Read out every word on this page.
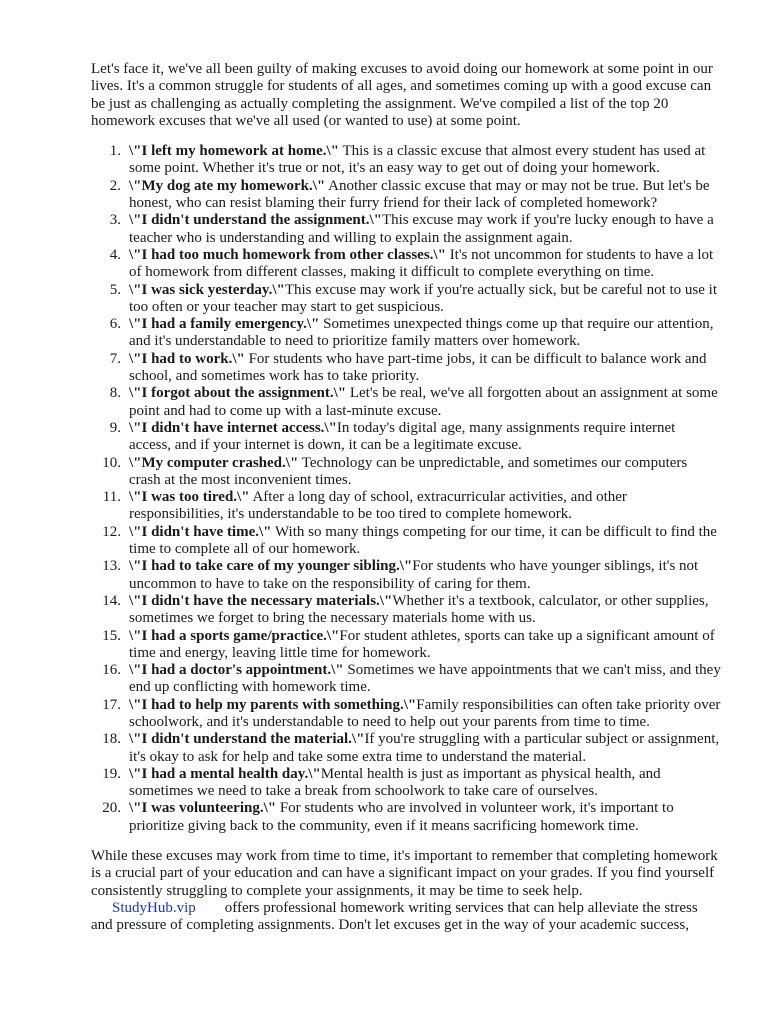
Let's face it, we've all been guilty of making excuses to avoid doing our homework at some point in our lives. It's a common struggle for students of all ages, and sometimes coming up with a good excuse can be just as challenging as actually completing the assignment. We've compiled a list of the top 20 homework excuses that we've all used (or wanted to use) at some point.

1. \"I left my homework at home.\" This is a classic excuse that almost every student has used at some point. Whether it's true or not, it's an easy way to get out of doing your homework.
2. \"My dog ate my homework.\" Another classic excuse that may or may not be true. But let's be honest, who can resist blaming their furry friend for their lack of completed homework?
3. \"I didn't understand the assignment.\"This excuse may work if you're lucky enough to have a teacher who is understanding and willing to explain the assignment again.
4. \"I had too much homework from other classes.\" It's not uncommon for students to have a lot of homework from different classes, making it difficult to complete everything on time.
5. \"I was sick yesterday.\"This excuse may work if you're actually sick, but be careful not to use it too often or your teacher may start to get suspicious.
6. \"I had a family emergency.\" Sometimes unexpected things come up that require our attention, and it's understandable to need to prioritize family matters over homework.
7. \"I had to work.\" For students who have part-time jobs, it can be difficult to balance work and school, and sometimes work has to take priority.
8. \"I forgot about the assignment.\" Let's be real, we've all forgotten about an assignment at some point and had to come up with a last-minute excuse.
9. \"I didn't have internet access.\"In today's digital age, many assignments require internet access, and if your internet is down, it can be a legitimate excuse.
10. \"My computer crashed.\" Technology can be unpredictable, and sometimes our computers crash at the most inconvenient times.
11. \"I was too tired.\" After a long day of school, extracurricular activities, and other responsibilities, it's understandable to be too tired to complete homework.
12. \"I didn't have time.\" With so many things competing for our time, it can be difficult to find the time to complete all of our homework.
13. \"I had to take care of my younger sibling.\"For students who have younger siblings, it's not uncommon to have to take on the responsibility of caring for them.
14. \"I didn't have the necessary materials.\"Whether it's a textbook, calculator, or other supplies, sometimes we forget to bring the necessary materials home with us.
15. \"I had a sports game/practice.\"For student athletes, sports can take up a significant amount of time and energy, leaving little time for homework.
16. \"I had a doctor's appointment.\" Sometimes we have appointments that we can't miss, and they end up conflicting with homework time.
17. \"I had to help my parents with something.\"Family responsibilities can often take priority over schoolwork, and it's understandable to need to help out your parents from time to time.
18. \"I didn't understand the material.\"If you're struggling with a particular subject or assignment, it's okay to ask for help and take some extra time to understand the material.
19. \"I had a mental health day.\"Mental health is just as important as physical health, and sometimes we need to take a break from schoolwork to take care of ourselves.
20. \"I was volunteering.\" For students who are involved in volunteer work, it's important to prioritize giving back to the community, even if it means sacrificing homework time.

While these excuses may work from time to time, it's important to remember that completing homework is a crucial part of your education and can have a significant impact on your grades. If you find yourself consistently struggling to complete your assignments, it may be time to seek help.
StudyHub.vip offers professional homework writing services that can help alleviate the stress and pressure of completing assignments. Don't let excuses get in the way of your academic success,
